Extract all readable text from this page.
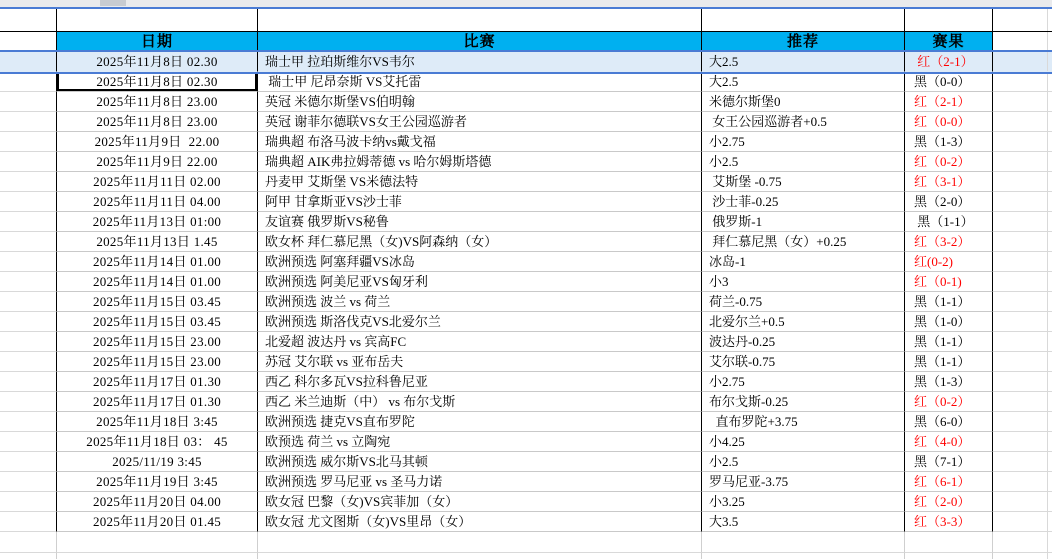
日期	比赛	推荐	赛果
2025年11月8日 02.30	瑞士甲 拉珀斯维尔VS韦尔	大2.5	红（2-1）
2025年11月8日 02.30	瑞士甲 尼昂奈斯 VS艾托雷	大2.5	黑（0-0）
2025年11月8日 23.00	英冠 米德尔斯堡VS伯明翰	米德尔斯堡0	红（2-1）
2025年11月8日 23.00	英冠 谢菲尔德联VS女王公园巡游者	女王公园巡游者+0.5	红（0-0）
2025年11月9日  22.00	瑞典超 布洛马波卡纳vs戴戈福	小2.75	黑（1-3）
2025年11月9日 22.00	瑞典超 AIK弗拉姆蒂德 vs 哈尔姆斯塔德	小2.5	红（0-2）
2025年11月11日 02.00	丹麦甲 艾斯堡 VS米德法特	艾斯堡 -0.75	红（3-1）
2025年11月11日 04.00	阿甲 甘拿斯亚VS沙士菲	沙士菲-0.25	黑（2-0）
2025年11月13日 01:00	友谊赛 俄罗斯VS秘鲁	俄罗斯-1	黑（1-1）
2025年11月13日 1.45	欧女杯 拜仁慕尼黑（女)VS阿森纳（女）	拜仁慕尼黑（女）+0.25	红（3-2）
2025年11月14日 01.00	欧洲预选 阿塞拜疆VS冰岛	冰岛-1	红(0-2)
2025年11月14日 01.00	欧洲预选 阿美尼亚VS匈牙利	小3	红（0-1)
2025年11月15日 03.45	欧洲预选 波兰 vs 荷兰	荷兰-0.75	黑（1-1）
2025年11月15日 03.45	欧洲预选 斯洛伐克VS北爱尔兰	北爱尔兰+0.5	黑（1-0）
2025年11月15日 23.00	北爱超 波达丹 vs 宾高FC	波达丹-0.25	黑（1-1）
2025年11月15日 23.00	苏冠 艾尔联 vs 亚布岳夫	艾尔联-0.75	黑（1-1）
2025年11月17日 01.30	西乙 科尔多瓦VS拉科鲁尼亚	小2.75	黑（1-3）
2025年11月17日 01.30	西乙 米兰迪斯（中） vs 布尔戈斯	布尔戈斯-0.25	红（0-2）
2025年11月18日 3:45	欧洲预选 捷克VS直布罗陀	直布罗陀+3.75	黑（6-0）
2025年11月18日 03： 45	欧预选 荷兰 vs 立陶宛	小4.25	红（4-0）
2025/11/19 3:45	欧洲预选 威尔斯VS北马其顿	小2.5	黑（7-1）
2025年11月19日 3:45	欧洲预选 罗马尼亚 vs 圣马力诺	罗马尼亚-3.75	红（6-1）
2025年11月20日 04.00	欧女冠 巴黎（女)VS宾菲加（女）	小3.25	红（2-0）
2025年11月20日 01.45	欧女冠 尤文图斯（女)VS里昂（女）	大3.5	红（3-3）
